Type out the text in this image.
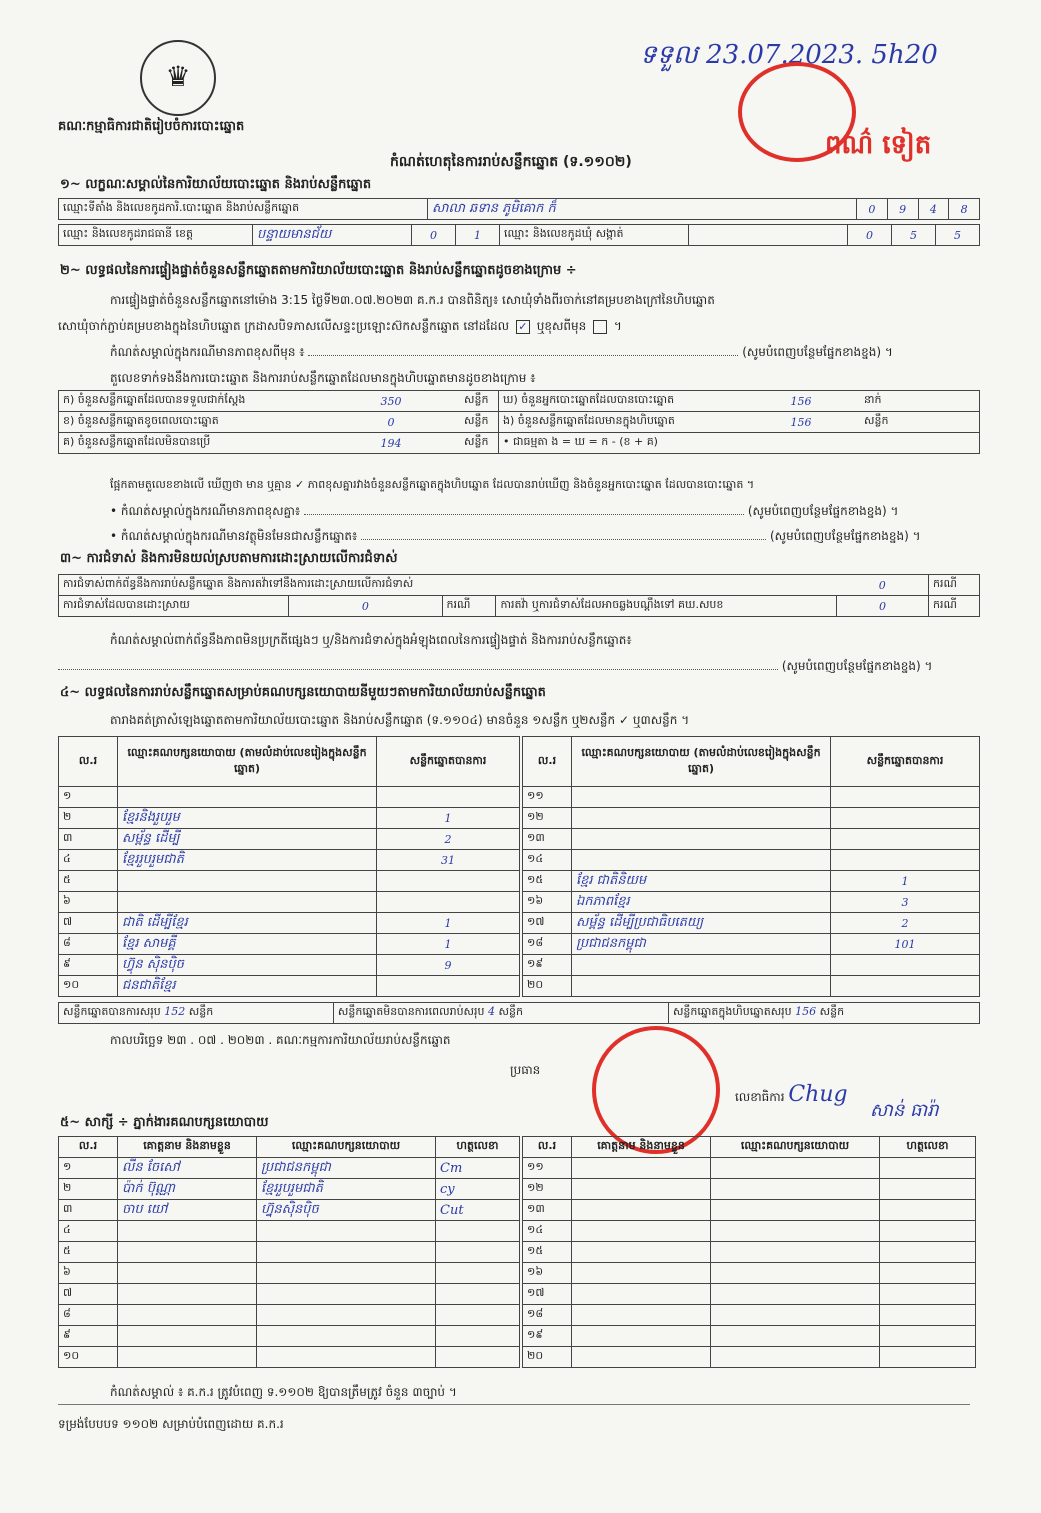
♛
គណៈកម្មាធិការជាតិរៀបចំការបោះឆ្នោត
ទទួល 23.07.2023. 5h20
ពណ៌ ទៀត
កំណត់ហេតុនៃការរាប់សន្លឹកឆ្នោត (ទ.១១០២)
១~ លក្ខណៈសម្គាល់នៃការិយាល័យបោះឆ្នោត និងរាប់សន្លឹកឆ្នោត
ឈ្មោះទីតាំង និងលេខកូដការិ.បោះឆ្នោត និងរាប់សន្លឹកឆ្នោត	សាលា ឆទាន ភូមិគោក ក៏	0	9	4	8
ឈ្មោះ និងលេខកូដរាជធានី ខេត្ត	បន្ទាយមានជ័យ	0	1	ឈ្មោះ និងលេខកូដឃុំ សង្កាត់		0	5	5
២~ លទ្ធផលនៃការផ្ទៀងផ្ទាត់ចំនួនសន្លឹកឆ្នោតតាមការិយាល័យបោះឆ្នោត និងរាប់សន្លឹកឆ្នោតដូចខាងក្រោម ÷
ការផ្ទៀងផ្ទាត់ចំនួនសន្លឹកឆ្នោតនៅម៉ោង 3:15 ថ្ងៃទី២៣.០៧.២០២៣ គ.ក.រ បានពិនិត្យ៖ សោឃុំទាំងពីរចាក់នៅគម្របខាងក្រៅនៃហិបឆ្នោត
សោឃុំចាក់ភ្ជាប់គម្របខាងក្នុងនៃហិបឆ្នោត ក្រដាសបិទភាសលើសន្ទះប្រឡោះស៊កសន្លឹកឆ្នោត នៅដដែល ✓ ឬខុសពីមុន  ។
កំណត់សម្គាល់ក្នុងករណីមានភាពខុសពីមុន ៖	(សូមបំពេញបន្ថែមផ្នែកខាងខ្នង) ។
តួលេខទាក់ទងនឹងការបោះឆ្នោត និងការរាប់សន្លឹកឆ្នោតដែលមានក្នុងហិបឆ្នោតមានដូចខាងក្រោម ៖
ក) ចំនួនសន្លឹកឆ្នោតដែលបានទទួលជាក់ស្តែង	350	សន្លឹក	ឃ) ចំនួនអ្នកបោះឆ្នោតដែលបានបោះឆ្នោត	156	នាក់
ខ) ចំនួនសន្លឹកឆ្នោតខូចពេលបោះឆ្នោត	0	សន្លឹក	ង) ចំនួនសន្លឹកឆ្នោតដែលមានក្នុងហិបឆ្នោត	156	សន្លឹក
គ) ចំនួនសន្លឹកឆ្នោតដែលមិនបានប្រើ	194	សន្លឹក	• ជាធម្មតា ង = ឃ = ក - (ខ + គ)		
ផ្អែកតាមតួលេខខាងលើ ឃើញថា មាន ឬគ្មាន ✓ ភាពខុសគ្នារវាងចំនួនសន្លឹកឆ្នោតក្នុងហិបឆ្នោត ដែលបានរាប់ឃើញ និងចំនួនអ្នកបោះឆ្នោត ដែលបានបោះឆ្នោត ។
• កំណត់សម្គាល់ក្នុងករណីមានភាពខុសគ្នា៖	(សូមបំពេញបន្ថែមផ្នែកខាងខ្នង) ។
• កំណត់សម្គាល់ក្នុងករណីមានវត្ថុមិនមែនជាសន្លឹកឆ្នោត៖	(សូមបំពេញបន្ថែមផ្នែកខាងខ្នង) ។
៣~ ការជំទាស់ និងការមិនយល់ស្របតាមការដោះស្រាយលើការជំទាស់
ការជំទាស់ពាក់ព័ន្ធនឹងការរាប់សន្លឹកឆ្នោត និងការតវ៉ាទៅនឹងការដោះស្រាយលើការជំទាស់				0	ករណី
ការជំទាស់ដែលបានដោះស្រាយ	0	ករណី	ការតវ៉ា ឬការជំទាស់ដែលអាចឆ្លងបណ្តឹងទៅ គឃ.សបខ	0	ករណី
កំណត់សម្គាល់ពាក់ព័ន្ធនឹងភាពមិនប្រក្រតីផ្សេងៗ ឬ/និងការជំទាស់ក្នុងអំឡុងពេលនៃការផ្ទៀងផ្ទាត់ និងការរាប់សន្លឹកឆ្នោត៖
(សូមបំពេញបន្ថែមផ្នែកខាងខ្នង) ។
៤~ លទ្ធផលនៃការរាប់សន្លឹកឆ្នោតសម្រាប់គណបក្សនយោបាយនីមួយៗតាមការិយាល័យរាប់សន្លឹកឆ្នោត
តារាងគត់ត្រាសំឡេងឆ្នោតតាមការិយាល័យបោះឆ្នោត និងរាប់សន្លឹកឆ្នោត (ទ.១១០៤) មានចំនួន ១សន្លឹក ឬ២សន្លឹក ✓ ឬ៣សន្លឹក ។
ល.រ	ឈ្មោះគណបក្សនយោបាយ (តាមលំដាប់លេខរៀងក្នុងសន្លឹកឆ្នោត)	សន្លឹកឆ្នោតបានការ
១		
២	ខ្មែរនិងរួបរួម	1
៣	សម្ព័ន្ធ ដើម្បី	2
៤	ខ្មែររួបរួមជាតិ	31
៥		
៦		
៧	ជាតិ ដើម្បីខ្មែរ	1
៨	ខ្មែរ សាមគ្គី	1
៩	ហ៊្វុន ស៊ិនប៉ិច	9
១០	ជនជាតិខ្មែរ	
ល.រ	ឈ្មោះគណបក្សនយោបាយ (តាមលំដាប់លេខរៀងក្នុងសន្លឹកឆ្នោត)	សន្លឹកឆ្នោតបានការ
១១		
១២		
១៣		
១៤		
១៥	ខ្មែរ ជាតិនិយម	1
១៦	ឯកភាពខ្មែរ	3
១៧	សម្ព័ន្ធ ដើម្បីប្រជាធិបតេយ្យ	2
១៨	ប្រជាជនកម្ពុជា	101
១៩		
២០		
សន្លឹកឆ្នោតបានការសរុប 152 សន្លឹក	សន្លឹកឆ្នោតមិនបានការពេលរាប់សរុប 4 សន្លឹក	សន្លឹកឆ្នោតក្នុងហិបឆ្នោតសរុប 156 សន្លឹក
កាលបរិច្ឆេទ ២៣ . ០៧ . ២០២៣ . គណៈកម្មការការិយាល័យរាប់សន្លឹកឆ្នោត
ប្រធាន
លេខាធិការ Chug
សាន់ ធារ៉ា
៥~ សាក្សី ÷ ភ្នាក់ងារគណបក្សនយោបាយ
ល.រ	គោត្តនាម និងនាមខ្លួន	ឈ្មោះគណបក្សនយោបាយ	ហត្ថលេខា
១	លីន ចែសៅ	ប្រជាជនកម្ពុជា	Cm
២	ប៉ាក់ ប៊ុណ្ណា	ខ្មែររួបរួមជាតិ	cy
៣	ចាប យៅ	ហ្វ៊ុនស៊ិនប៉ិច	Cut
៤			
៥			
៦			
៧			
៨			
៩			
១០			
ល.រ	គោត្តនាម និងនាមខ្លួន	ឈ្មោះគណបក្សនយោបាយ	ហត្ថលេខា
១១			
១២			
១៣			
១៤			
១៥			
១៦			
១៧			
១៨			
១៩			
២០			
កំណត់សម្គាល់ ៖ គ.ក.រ ត្រូវបំពេញ ទ.១១០២ ឱ្យបានត្រឹមត្រូវ ចំនួន ៣ច្បាប់ ។
ទម្រង់បែបបទ ១១០២ សម្រាប់បំពេញដោយ គ.ក.រ
